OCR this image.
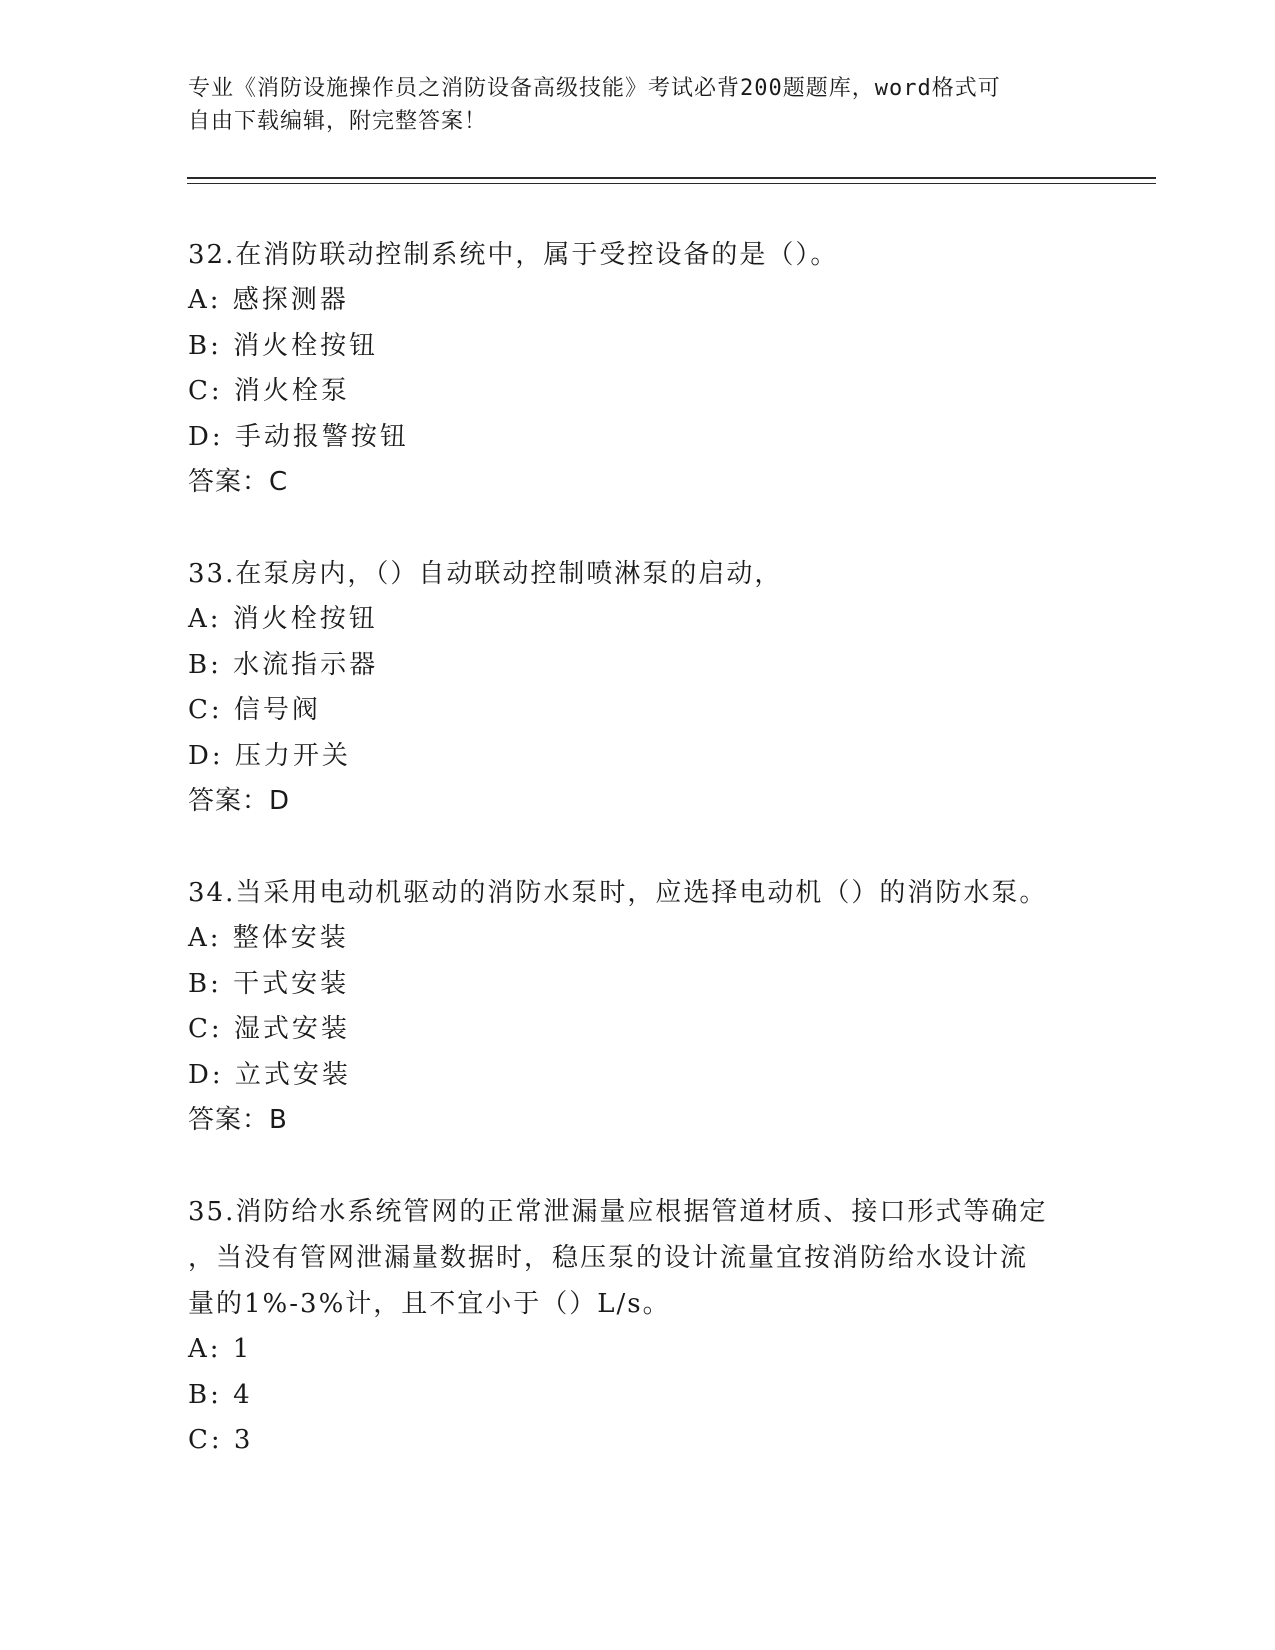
专业《消防设施操作员之消防设备高级技能》考试必背200题题库，word格式可
自由下载编辑，附完整答案！
32.在消防联动控制系统中，属于受控设备的是（）。
A: 感探测器
B: 消火栓按钮
C: 消火栓泵
D: 手动报警按钮
答案：C
33.在泵房内，（）自动联动控制喷淋泵的启动，
A: 消火栓按钮
B: 水流指示器
C: 信号阀
D: 压力开关
答案：D
34.当采用电动机驱动的消防水泵时，应选择电动机（）的消防水泵。
A: 整体安装
B: 干式安装
C: 湿式安装
D: 立式安装
答案：B
35.消防给水系统管网的正常泄漏量应根据管道材质、接口形式等确定
，当没有管网泄漏量数据时，稳压泵的设计流量宜按消防给水设计流
量的1%-3%计，且不宜小于（）L/s。
A: 1
B: 4
C: 3
